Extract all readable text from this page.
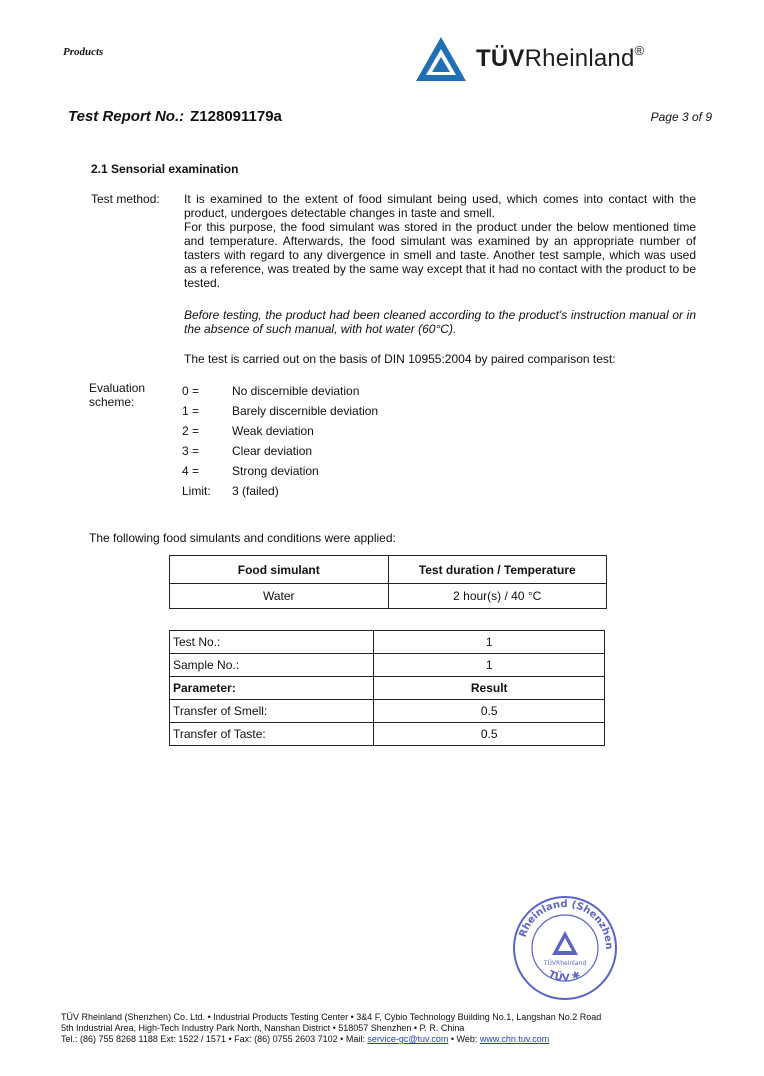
Products	TÜVRheinland®
Test Report No.: Z128091179a	Page 3 of 9
2.1 Sensorial examination
Test method: It is examined to the extent of food simulant being used, which comes into contact with the product, undergoes detectable changes in taste and smell.
For this purpose, the food simulant was stored in the product under the below mentioned time and temperature. Afterwards, the food simulant was examined by an appropriate number of tasters with regard to any divergence in smell and taste. Another test sample, which was used as a reference, was treated by the same way except that it had no contact with the product to be tested.
Before testing, the product had been cleaned according to the product's instruction manual or in the absence of such manual, with hot water (60°C).
The test is carried out on the basis of DIN 10955:2004 by paired comparison test:
Evaluation
scheme:
0 =	No discernible deviation
1 =	Barely discernible deviation
2 =	Weak deviation
3 =	Clear deviation
4 =	Strong deviation
Limit: 3 (failed)
The following food simulants and conditions were applied:
Food simulant	Test duration / Temperature
Water	2 hour(s) / 40 °C
Test No.:	1
Sample No.:	1
Parameter:	Result
Transfer of Smell:	0.5
Transfer of Taste:	0.5
Rheinland (Shenzhen
TÜV ✱
TÜVRheinland
TÜV Rheinland (Shenzhen) Co. Ltd. • Industrial Products Testing Center • 3&4 F, Cybio Technology Building No.1, Langshan No.2 Road
5th Industrial Area, High-Tech Industry Park North, Nanshan District • 518057 Shenzhen • P. R. China
Tel.: (86) 755 8268 1188 Ext: 1522 / 1571 • Fax: (86) 0755 2603 7102 • Mail: service-gc@tuv.com • Web: www.chn.tuv.com
